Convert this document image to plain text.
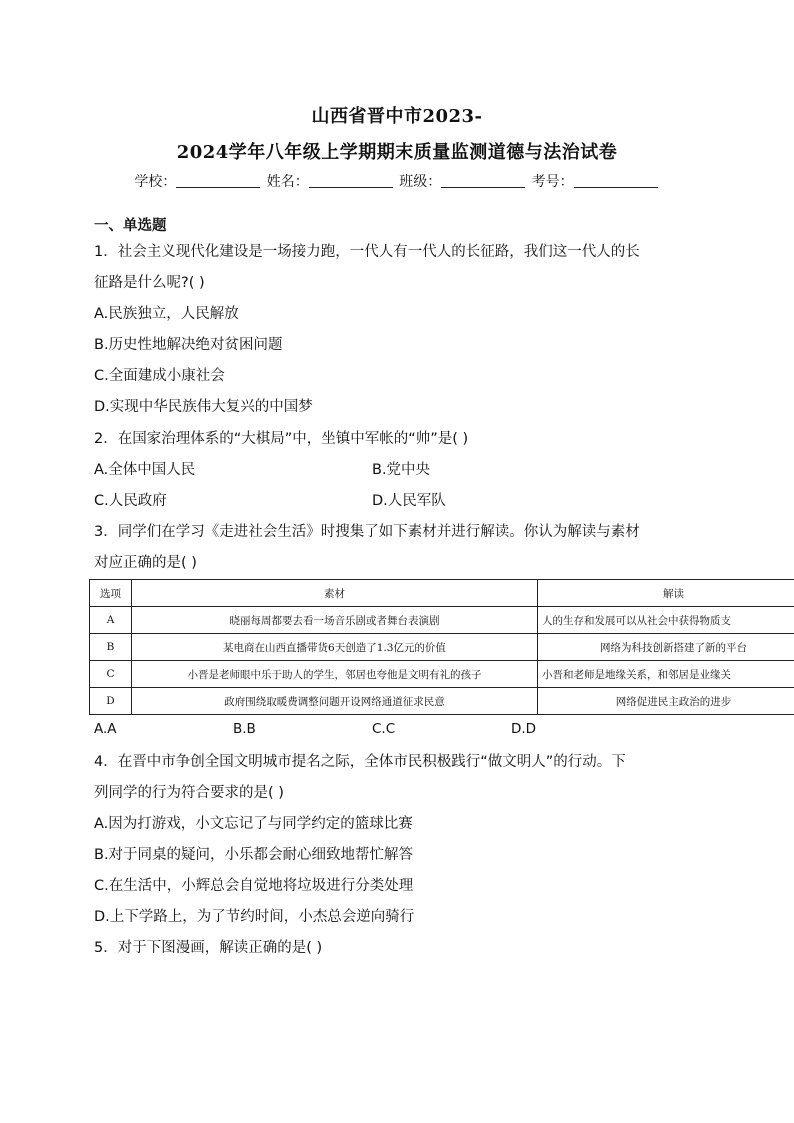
山西省晋中市2023-
2024学年八年级上学期期末质量监测道德与法治试卷
学校：	姓名：	班级：	考号：
一、单选题
1．社会主义现代化建设是一场接力跑，一代人有一代人的长征路，我们这一代人的长
征路是什么呢?( )
A.民族独立，人民解放
B.历史性地解决绝对贫困问题
C.全面建成小康社会
D.实现中华民族伟大复兴的中国梦
2．在国家治理体系的“大棋局”中，坐镇中军帐的“帅”是( )
A.全体中国人民	B.党中央
C.人民政府	D.人民军队
3．同学们在学习《走进社会生活》时搜集了如下素材并进行解读。你认为解读与素材
对应正确的是( )
选项	素材	解读
A	晓丽每周都要去看一场音乐剧或者舞台表演剧	人的生存和发展可以从社会中获得物质支
B	某电商在山西直播带货6天创造了1.3亿元的价值	网络为科技创新搭建了新的平台
C	小晋是老师眼中乐于助人的学生，邻居也夸他是文明有礼的孩子	小晋和老师是地缘关系，和邻居是业缘关
D	政府围绕取暖费调整问题开设网络通道征求民意	网络促进民主政治的进步
A.A	B.B	C.C	D.D
4．在晋中市争创全国文明城市提名之际，全体市民积极践行“做文明人”的行动。下
列同学的行为符合要求的是( )
A.因为打游戏，小文忘记了与同学约定的篮球比赛
B.对于同桌的疑问，小乐都会耐心细致地帮忙解答
C.在生活中，小辉总会自觉地将垃圾进行分类处理
D.上下学路上，为了节约时间，小杰总会逆向骑行
5．对于下图漫画，解读正确的是( )
